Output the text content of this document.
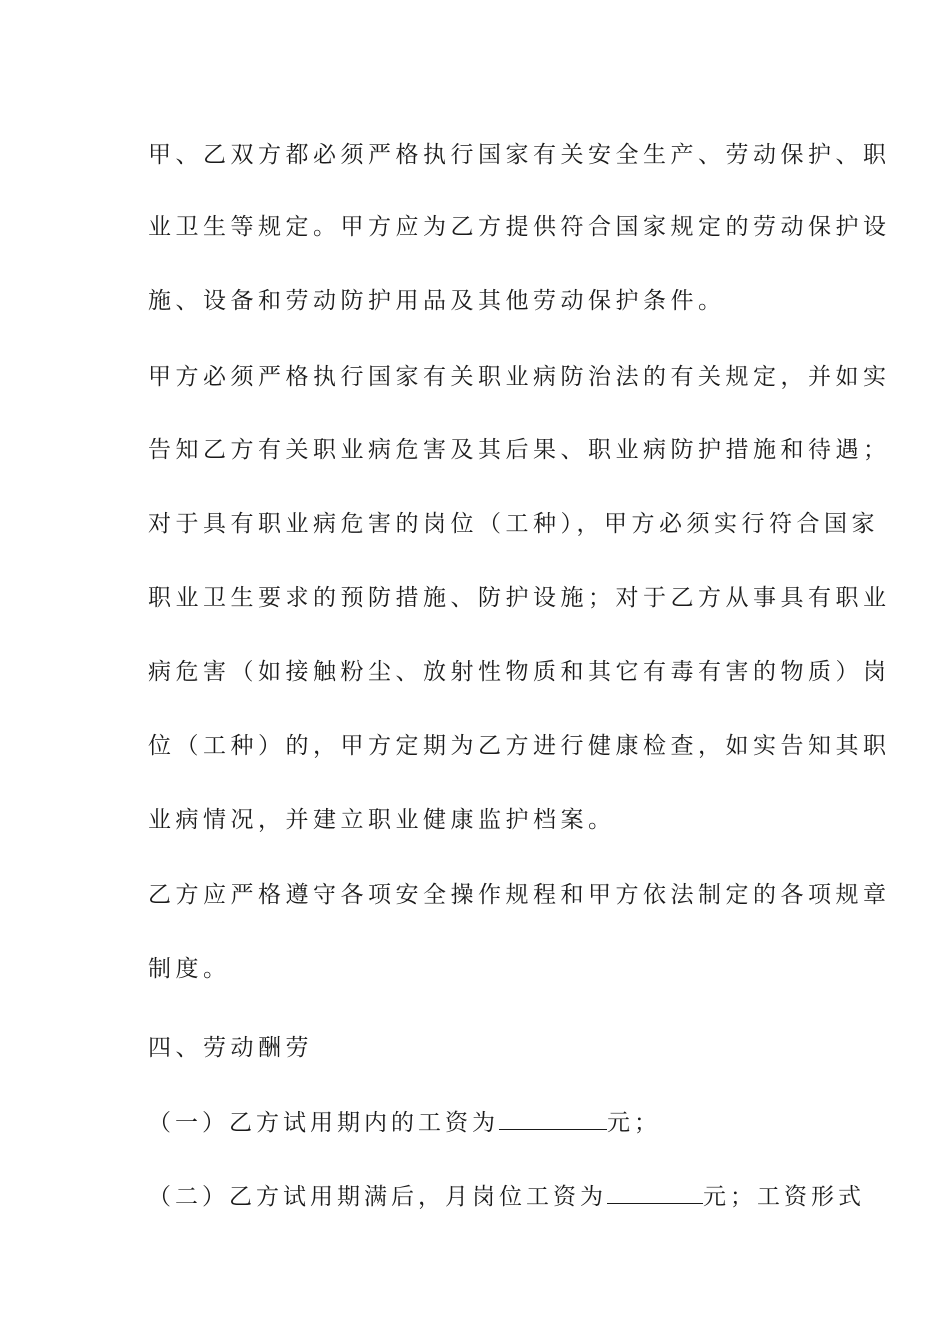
甲、乙双方都必须严格执行国家有关安全生产、劳动保护、职
业卫生等规定。甲方应为乙方提供符合国家规定的劳动保护设
施、设备和劳动防护用品及其他劳动保护条件。
甲方必须严格执行国家有关职业病防治法的有关规定，并如实
告知乙方有关职业病危害及其后果、职业病防护措施和待遇；
对于具有职业病危害的岗位（工种），甲方必须实行符合国家
职业卫生要求的预防措施、防护设施；对于乙方从事具有职业
病危害（如接触粉尘、放射性物质和其它有毒有害的物质）岗
位（工种）的，甲方定期为乙方进行健康检查，如实告知其职
业病情况，并建立职业健康监护档案。
乙方应严格遵守各项安全操作规程和甲方依法制定的各项规章
制度。
四、劳动酬劳
（一）乙方试用期内的工资为	元；
（二）乙方试用期满后，月岗位工资为	元；工资形式
